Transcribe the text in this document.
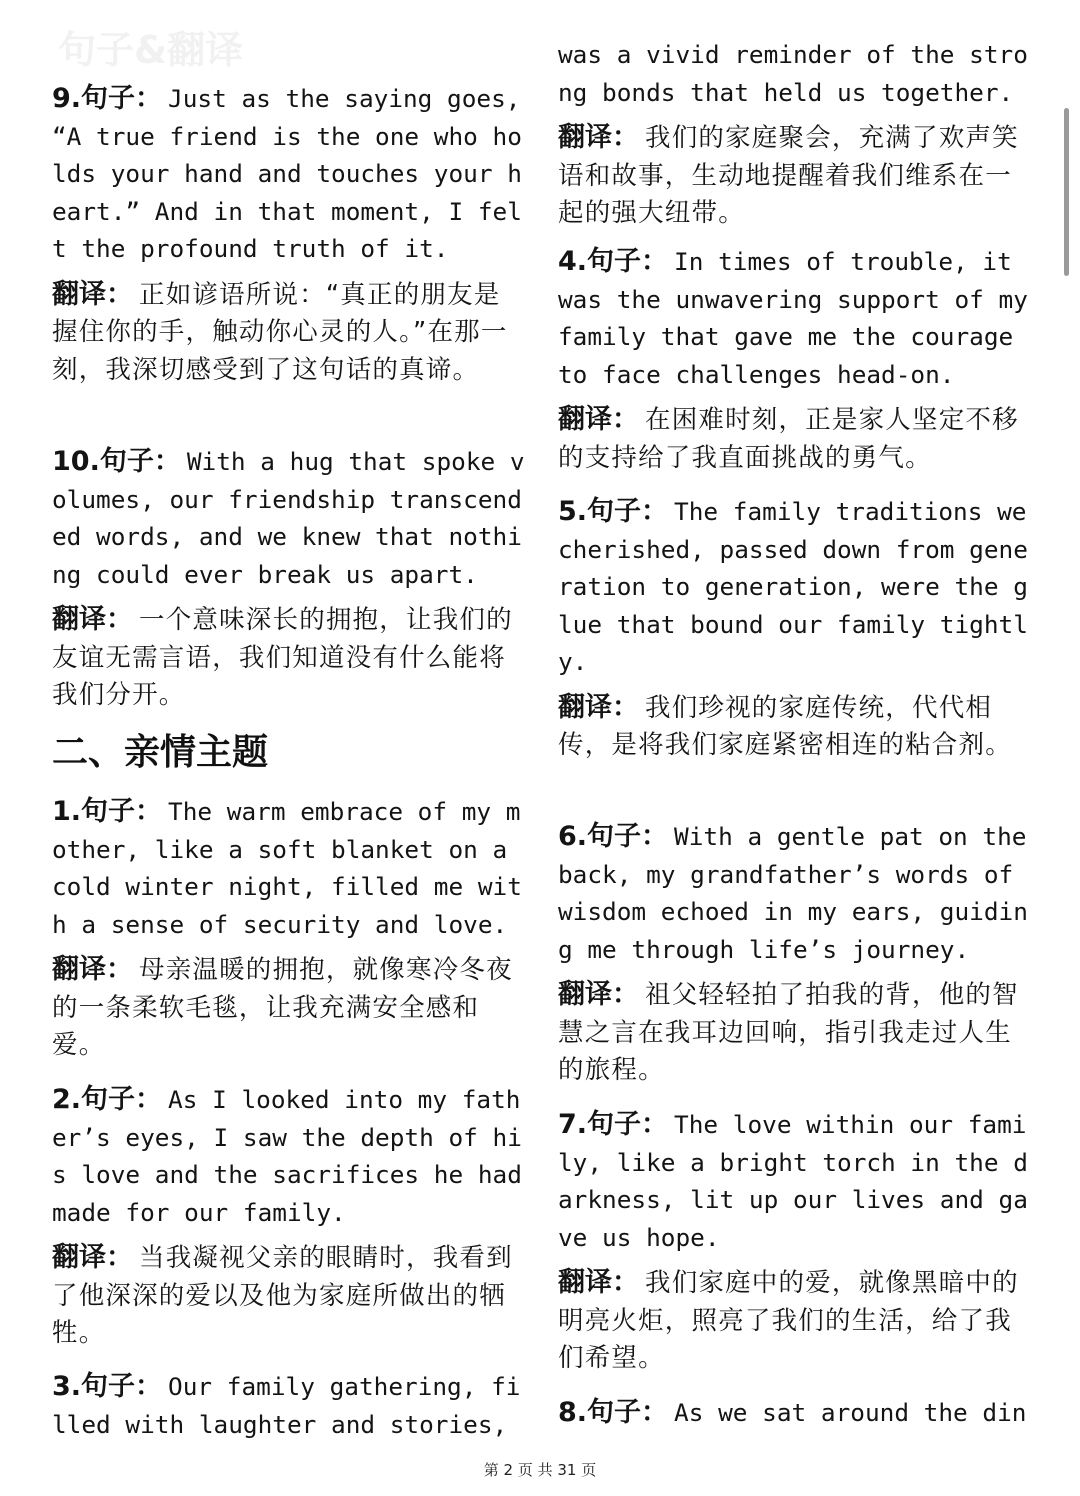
句子&翻译
9.句子： Just as the saying goes, “A true friend is the one who holds your hand and touches your heart.” And in that moment, I felt the profound truth of it.
翻译： 正如谚语所说：“真正的朋友是握住你的手，触动你心灵的人。”在那一刻，我深切感受到了这句话的真谛。
10.句子： With a hug that spoke volumes, our friendship transcended words, and we knew that nothing could ever break us apart.
翻译： 一个意味深长的拥抱，让我们的友谊无需言语，我们知道没有什么能将我们分开。
1.句子： The warm embrace of my mother, like a soft blanket on a cold winter night, filled me with a sense of security and love.
翻译： 母亲温暖的拥抱，就像寒冷冬夜的一条柔软毛毯，让我充满安全感和爱。
2.句子： As I looked into my father’s eyes, I saw the depth of his love and the sacrifices he had made for our family.
翻译： 当我凝视父亲的眼睛时，我看到了他深深的爱以及他为家庭所做出的牺牲。
3.句子： Our family gathering, filled with laughter and stories,
二、亲情主题
was a vivid reminder of the strong bonds that held us together.
翻译： 我们的家庭聚会，充满了欢声笑语和故事，生动地提醒着我们维系在一起的强大纽带。
4.句子： In times of trouble, it was the unwavering support of my family that gave me the courage to face challenges head-on.
翻译： 在困难时刻，正是家人坚定不移的支持给了我直面挑战的勇气。
5.句子： The family traditions we cherished, passed down from generation to generation, were the glue that bound our family tightly.
翻译： 我们珍视的家庭传统，代代相传，是将我们家庭紧密相连的粘合剂。
6.句子： With a gentle pat on the back, my grandfather’s words of wisdom echoed in my ears, guiding me through life’s journey.
翻译： 祖父轻轻拍了拍我的背，他的智慧之言在我耳边回响，指引我走过人生的旅程。
7.句子： The love within our family, like a bright torch in the darkness, lit up our lives and gave us hope.
翻译： 我们家庭中的爱，就像黑暗中的明亮火炬，照亮了我们的生活，给了我们希望。
8.句子： As we sat around the din
第 2 页 共 31 页
